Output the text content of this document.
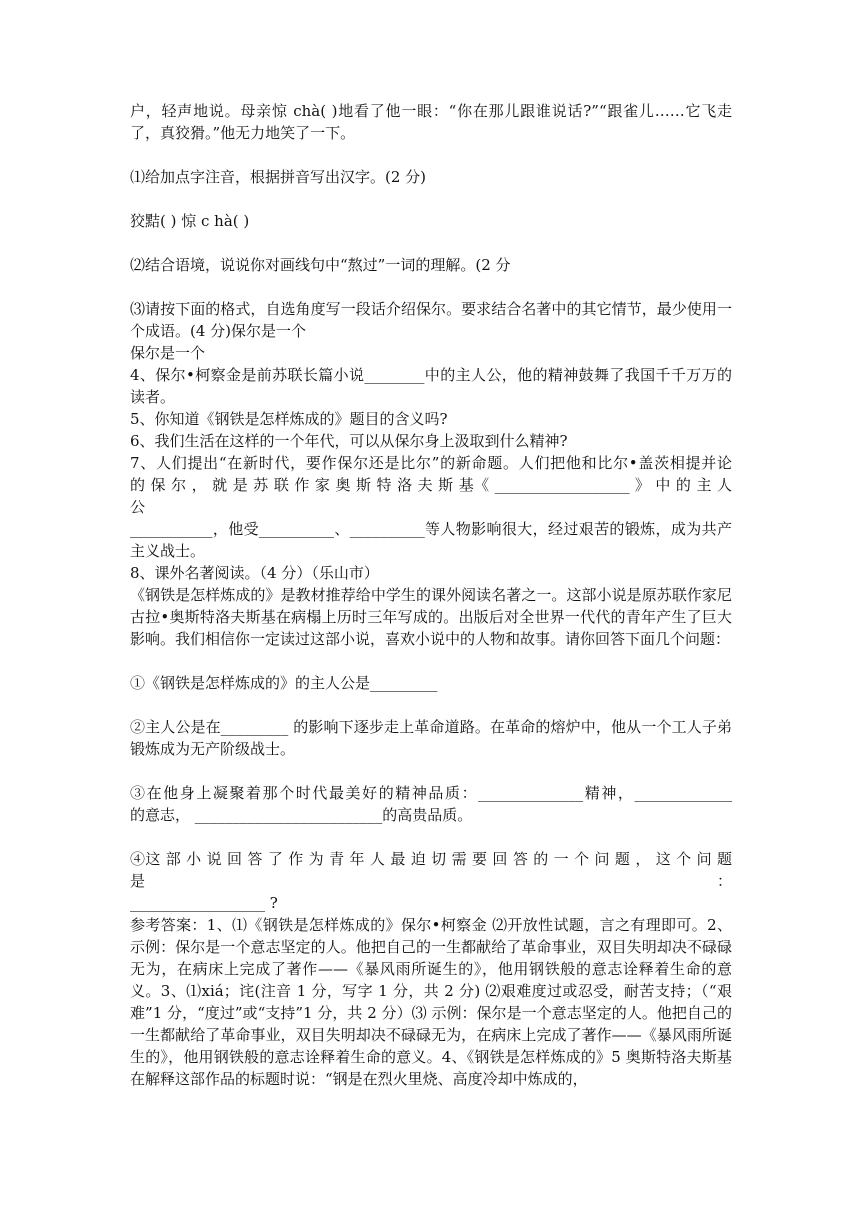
户，轻声地说。母亲惊 chà( )地看了他一眼：“你在那儿跟谁说话?”“跟雀儿……它飞走了，真狡猾。”他无力地笑了一下。

⑴给加点字注音，根据拼音写出汉字。(2 分)

狡黠( ) 惊 c hà( )

⑵结合语境，说说你对画线句中“熬过”一词的理解。(2 分

⑶请按下面的格式，自选角度写一段话介绍保尔。要求结合名著中的其它情节，最少使用一个成语。(4 分)保尔是一个

保尔是一个

4、保尔•柯察金是前苏联长篇小说________中的主人公，他的精神鼓舞了我国千千万万的读者。

5、你知道《钢铁是怎样炼成的》题目的含义吗?

6、我们生活在这样的一个年代，可以从保尔身上汲取到什么精神?

7、人们提出“在新时代，要作保尔还是比尔”的新命题。人们把他和比尔•盖茨相提并论

的 保 尔 ， 就 是 苏 联 作 家 奥 斯 特 洛 夫 斯 基《 __________________ 》 中 的 主 人 公

___________，他受__________、__________等人物影响很大，经过艰苦的锻炼，成为共产主义战士。

8、课外名著阅读。（4 分）（乐山市）

《钢铁是怎样炼成的》是教材推荐给中学生的课外阅读名著之一。这部小说是原苏联作家尼古拉•奥斯特洛夫斯基在病榻上历时三年写成的。出版后对全世界一代代的青年产生了巨大影响。我们相信你一定读过这部小说，喜欢小说中的人物和故事。请你回答下面几个问题：

①《钢铁是怎样炼成的》的主人公是_________

②主人公是在_________ 的影响下逐步走上革命道路。在革命的熔炉中，他从一个工人子弟锻炼成为无产阶级战士。

③在他身上凝聚着那个时代最美好的精神品质：______________精神，_____________

的意志， _________________________的高贵品质。

④这 部 小 说 回 答 了 作 为 青 年 人 最 迫 切 需 要 回 答 的 一 个 问 题 ， 这 个 问 题 是 ：

__________________ ?

参考答案：1、⑴《钢铁是怎样炼成的》保尔•柯察金 ⑵开放性试题，言之有理即可。2、示例：保尔是一个意志坚定的人。他把自己的一生都献给了革命事业，双目失明却决不碌碌无为，在病床上完成了著作——《暴风雨所诞生的》，他用钢铁般的意志诠释着生命的意义。3、⑴xiá；诧(注音 1 分，写字 1 分，共 2 分) ⑵艰难度过或忍受，耐苦支持；（“艰难”1 分，“度过”或“支持”1 分，共 2 分）⑶ 示例：保尔是一个意志坚定的人。他把自己的一生都献给了革命事业，双目失明却决不碌碌无为，在病床上完成了著作——《暴风雨所诞生的》，他用钢铁般的意志诠释着生命的意义。4、《钢铁是怎样炼成的》5 奥斯特洛夫斯基在解释这部作品的标题时说：“钢是在烈火里烧、高度冷却中炼成的，
